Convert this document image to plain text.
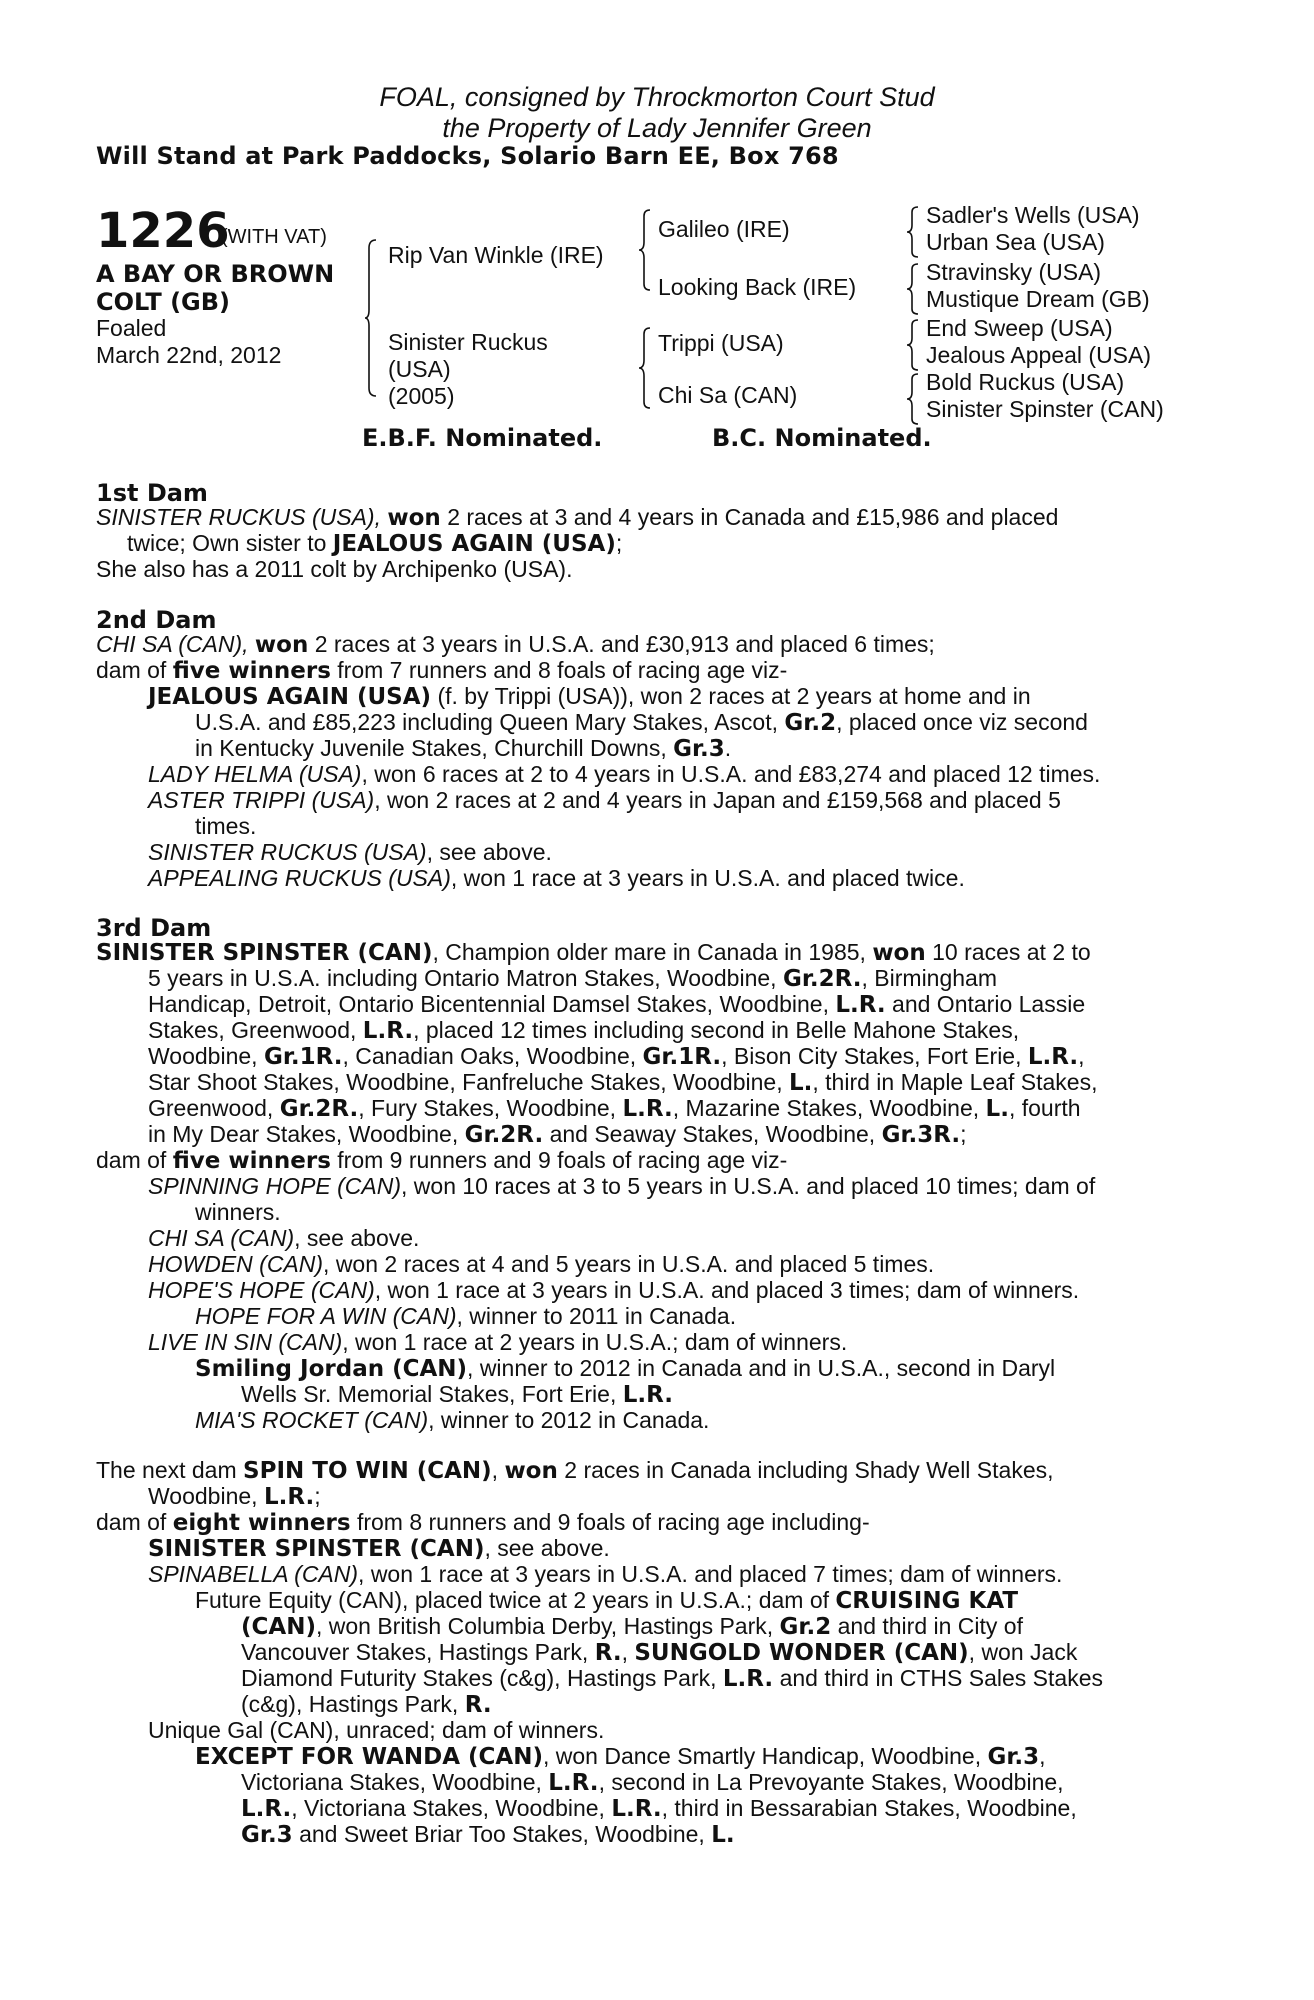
FOAL, consigned by Throckmorton Court Stud
the Property of Lady Jennifer Green
Will Stand at Park Paddocks, Solario Barn EE, Box 768
1226
(WITH VAT)
A BAY OR BROWN
COLT (GB)
Foaled
March 22nd, 2012
Rip Van Winkle (IRE)
Sinister Ruckus
(USA)
(2005)
Galileo (IRE)
Looking Back (IRE)
Trippi (USA)
Chi Sa (CAN)
Sadler's Wells (USA)
Urban Sea (USA)
Stravinsky (USA)
Mustique Dream (GB)
End Sweep (USA)
Jealous Appeal (USA)
Bold Ruckus (USA)
Sinister Spinster (CAN)
E.B.F. Nominated.	B.C. Nominated.
1st Dam
SINISTER RUCKUS (USA), won 2 races at 3 and 4 years in Canada and £15,986 and placed
twice; Own sister to JEALOUS AGAIN (USA);
She also has a 2011 colt by Archipenko (USA).
2nd Dam
CHI SA (CAN), won 2 races at 3 years in U.S.A. and £30,913 and placed 6 times;
dam of five winners from 7 runners and 8 foals of racing age viz-
JEALOUS AGAIN (USA) (f. by Trippi (USA)), won 2 races at 2 years at home and in
U.S.A. and £85,223 including Queen Mary Stakes, Ascot, Gr.2, placed once viz second
in Kentucky Juvenile Stakes, Churchill Downs, Gr.3.
LADY HELMA (USA), won 6 races at 2 to 4 years in U.S.A. and £83,274 and placed 12 times.
ASTER TRIPPI (USA), won 2 races at 2 and 4 years in Japan and £159,568 and placed 5
times.
SINISTER RUCKUS (USA), see above.
APPEALING RUCKUS (USA), won 1 race at 3 years in U.S.A. and placed twice.
3rd Dam
SINISTER SPINSTER (CAN), Champion older mare in Canada in 1985, won 10 races at 2 to
5 years in U.S.A. including Ontario Matron Stakes, Woodbine, Gr.2R., Birmingham
Handicap, Detroit, Ontario Bicentennial Damsel Stakes, Woodbine, L.R. and Ontario Lassie
Stakes, Greenwood, L.R., placed 12 times including second in Belle Mahone Stakes,
Woodbine, Gr.1R., Canadian Oaks, Woodbine, Gr.1R., Bison City Stakes, Fort Erie, L.R.,
Star Shoot Stakes, Woodbine, Fanfreluche Stakes, Woodbine, L., third in Maple Leaf Stakes,
Greenwood, Gr.2R., Fury Stakes, Woodbine, L.R., Mazarine Stakes, Woodbine, L., fourth
in My Dear Stakes, Woodbine, Gr.2R. and Seaway Stakes, Woodbine, Gr.3R.;
dam of five winners from 9 runners and 9 foals of racing age viz-
SPINNING HOPE (CAN), won 10 races at 3 to 5 years in U.S.A. and placed 10 times; dam of
winners.
CHI SA (CAN), see above.
HOWDEN (CAN), won 2 races at 4 and 5 years in U.S.A. and placed 5 times.
HOPE'S HOPE (CAN), won 1 race at 3 years in U.S.A. and placed 3 times; dam of winners.
HOPE FOR A WIN (CAN), winner to 2011 in Canada.
LIVE IN SIN (CAN), won 1 race at 2 years in U.S.A.; dam of winners.
Smiling Jordan (CAN), winner to 2012 in Canada and in U.S.A., second in Daryl
Wells Sr. Memorial Stakes, Fort Erie, L.R.
MIA'S ROCKET (CAN), winner to 2012 in Canada.
The next dam SPIN TO WIN (CAN), won 2 races in Canada including Shady Well Stakes,
Woodbine, L.R.;
dam of eight winners from 8 runners and 9 foals of racing age including-
SINISTER SPINSTER (CAN), see above.
SPINABELLA (CAN), won 1 race at 3 years in U.S.A. and placed 7 times; dam of winners.
Future Equity (CAN), placed twice at 2 years in U.S.A.; dam of CRUISING KAT
(CAN), won British Columbia Derby, Hastings Park, Gr.2 and third in City of
Vancouver Stakes, Hastings Park, R., SUNGOLD WONDER (CAN), won Jack
Diamond Futurity Stakes (c&g), Hastings Park, L.R. and third in CTHS Sales Stakes
(c&g), Hastings Park, R.
Unique Gal (CAN), unraced; dam of winners.
EXCEPT FOR WANDA (CAN), won Dance Smartly Handicap, Woodbine, Gr.3,
Victoriana Stakes, Woodbine, L.R., second in La Prevoyante Stakes, Woodbine,
L.R., Victoriana Stakes, Woodbine, L.R., third in Bessarabian Stakes, Woodbine,
Gr.3 and Sweet Briar Too Stakes, Woodbine, L.
